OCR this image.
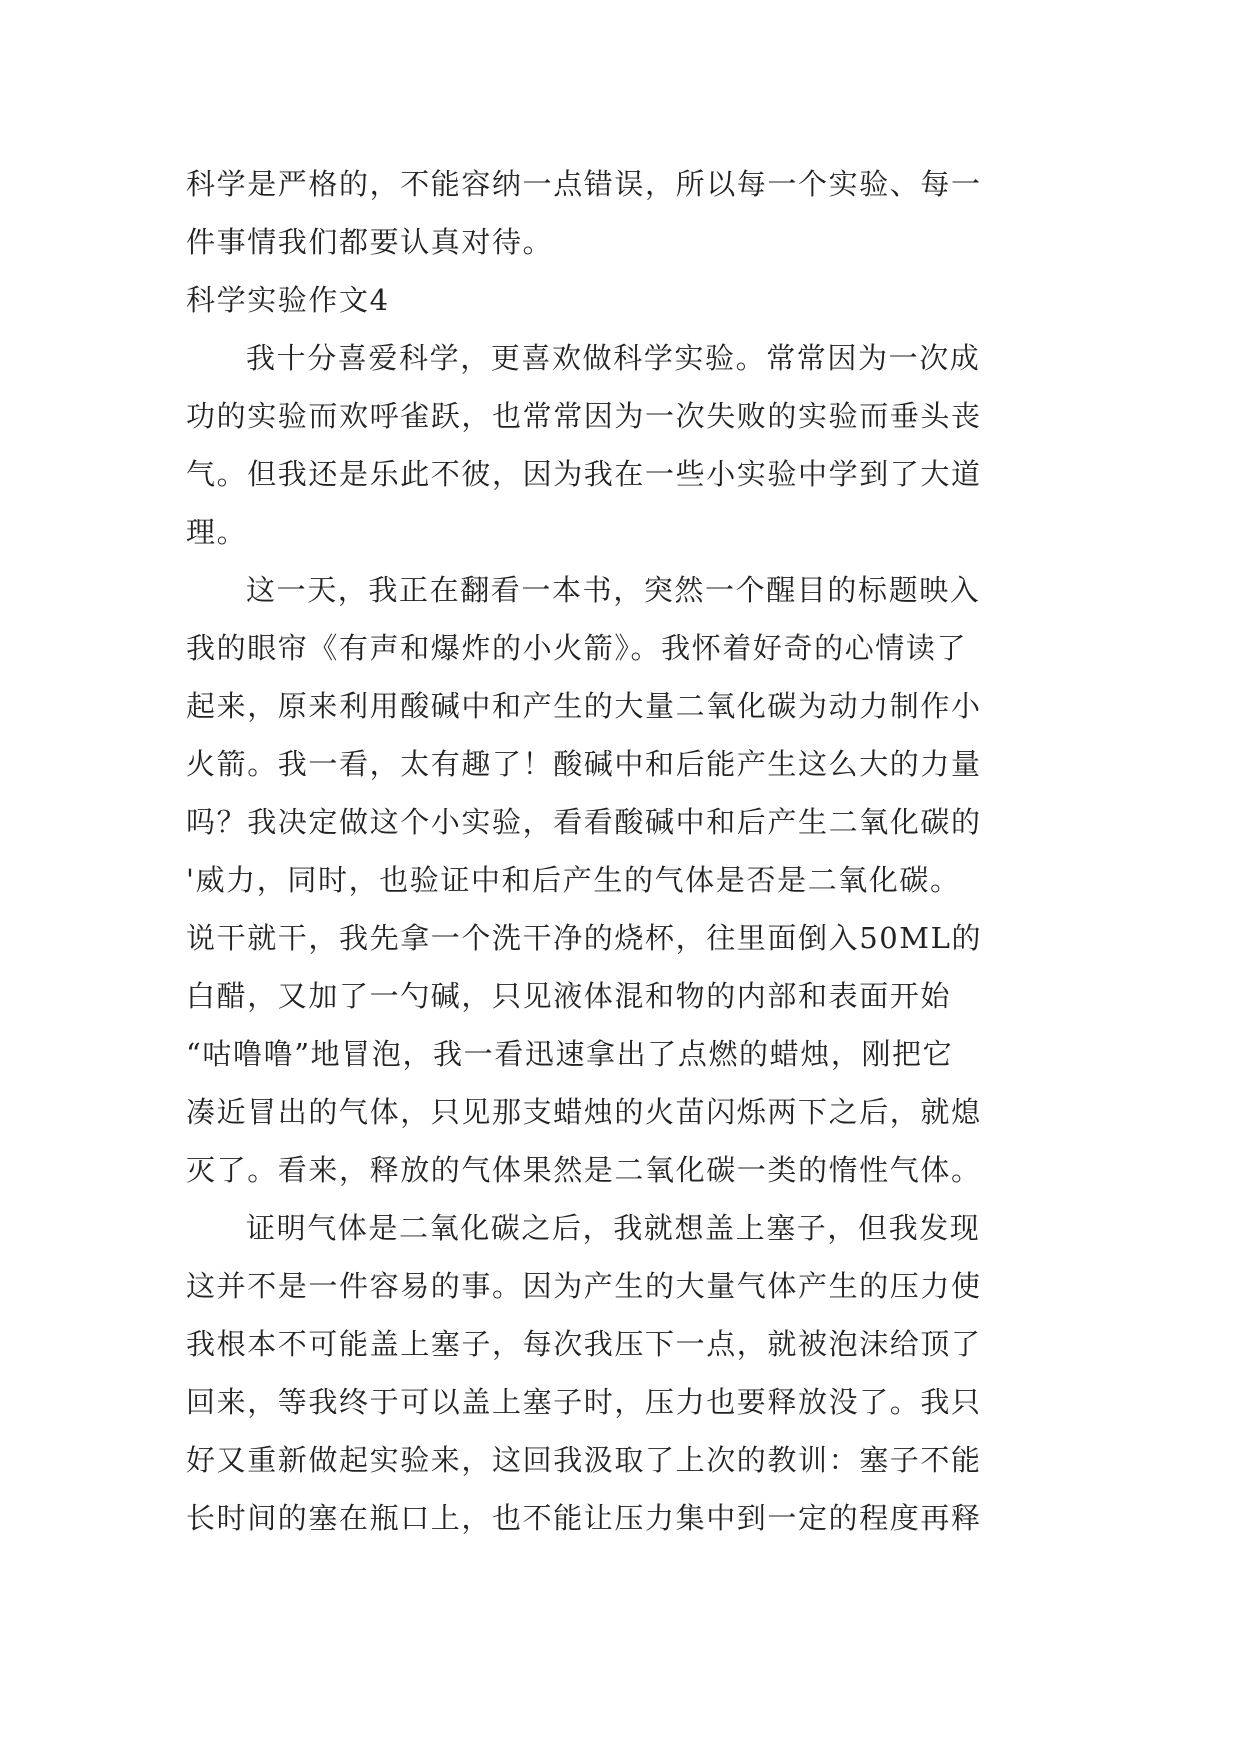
科学是严格的，不能容纳一点错误，所以每一个实验、每一
件事情我们都要认真对待。
科学实验作文4
我十分喜爱科学，更喜欢做科学实验。常常因为一次成
功的实验而欢呼雀跃，也常常因为一次失败的实验而垂头丧
气。但我还是乐此不彼，因为我在一些小实验中学到了大道
理。
这一天，我正在翻看一本书，突然一个醒目的标题映入
我的眼帘《有声和爆炸的小火箭》。我怀着好奇的心情读了
起来，原来利用酸碱中和产生的大量二氧化碳为动力制作小
火箭。我一看，太有趣了！酸碱中和后能产生这么大的力量
吗？我决定做这个小实验，看看酸碱中和后产生二氧化碳的
'威力，同时，也验证中和后产生的气体是否是二氧化碳。
说干就干，我先拿一个洗干净的烧杯，往里面倒入50ML的
白醋，又加了一勺碱，只见液体混和物的内部和表面开始
“咕噜噜”地冒泡，我一看迅速拿出了点燃的蜡烛，刚把它
凑近冒出的气体，只见那支蜡烛的火苗闪烁两下之后，就熄
灭了。看来，释放的气体果然是二氧化碳一类的惰性气体。
证明气体是二氧化碳之后，我就想盖上塞子，但我发现
这并不是一件容易的事。因为产生的大量气体产生的压力使
我根本不可能盖上塞子，每次我压下一点，就被泡沫给顶了
回来，等我终于可以盖上塞子时，压力也要释放没了。我只
好又重新做起实验来，这回我汲取了上次的教训：塞子不能
长时间的塞在瓶口上，也不能让压力集中到一定的程度再释
